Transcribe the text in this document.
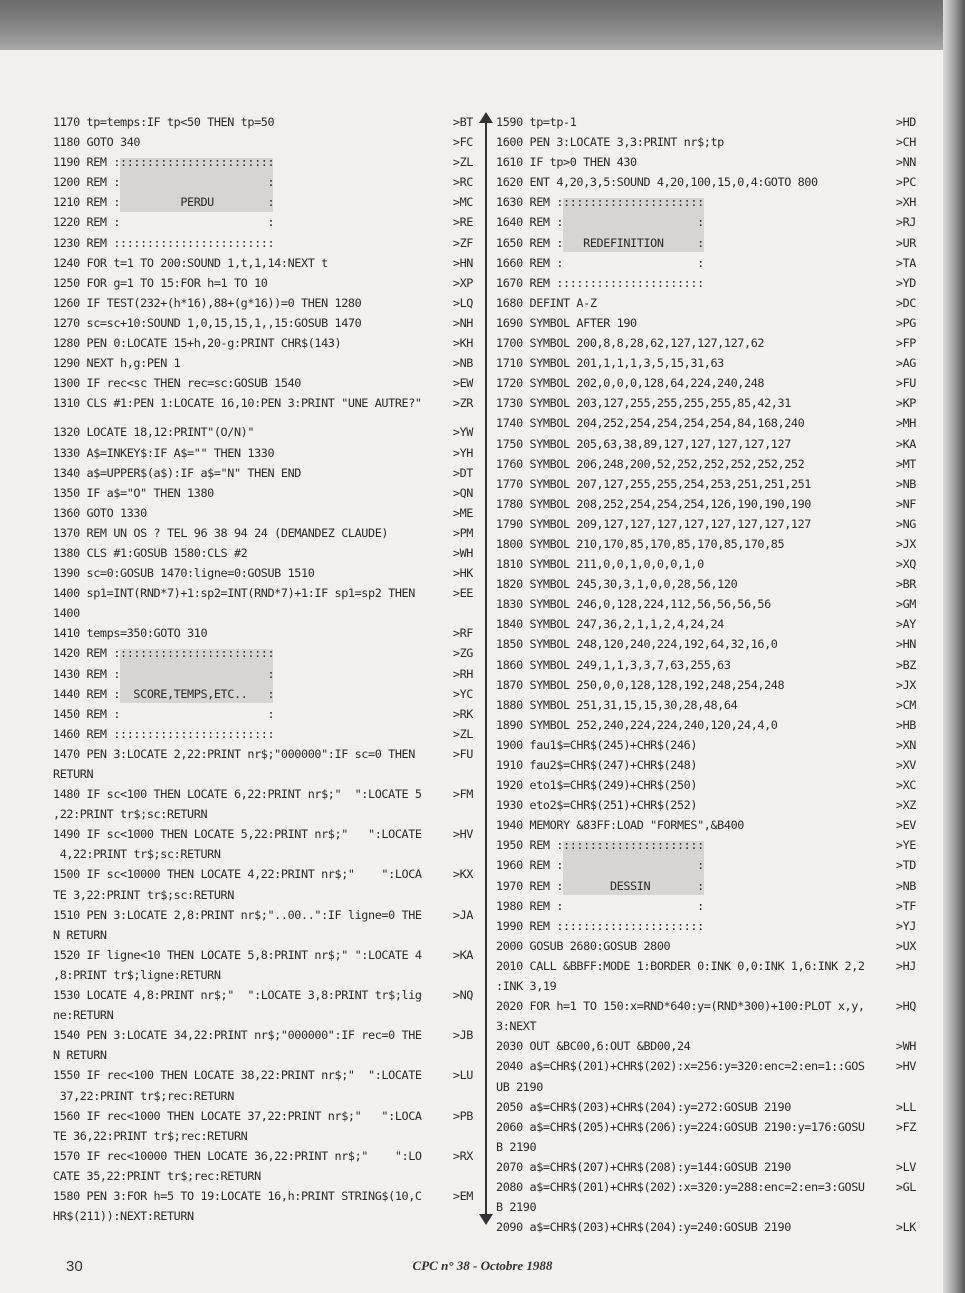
1170 tp=temps:IF tp<50 THEN tp=50	>BT
1180 GOTO 340	>FC
1190 REM ::::::::::::::::::::::::	>ZL
1200 REM :                      :	>RC
1210 REM :         PERDU        :	>MC
1220 REM :                      :	>RE
1230 REM ::::::::::::::::::::::::	>ZF
1240 FOR t=1 TO 200:SOUND 1,t,1,14:NEXT t	>HN
1250 FOR g=1 TO 15:FOR h=1 TO 10	>XP
1260 IF TEST(232+(h*16),88+(g*16))=0 THEN 1280	>LQ
1270 sc=sc+10:SOUND 1,0,15,15,1,,15:GOSUB 1470	>NH
1280 PEN 0:LOCATE 15+h,20-g:PRINT CHR$(143)	>KH
1290 NEXT h,g:PEN 1	>NB
1300 IF rec<sc THEN rec=sc:GOSUB 1540	>EW
1310 CLS #1:PEN 1:LOCATE 16,10:PEN 3:PRINT "UNE AUTRE?"	>ZR
1320 LOCATE 18,12:PRINT"(O/N)"	>YW
1330 A$=INKEY$:IF A$="" THEN 1330	>YH
1340 a$=UPPER$(a$):IF a$="N" THEN END	>DT
1350 IF a$="O" THEN 1380	>QN
1360 GOTO 1330	>ME
1370 REM UN OS ? TEL 96 38 94 24 (DEMANDEZ CLAUDE)	>PM
1380 CLS #1:GOSUB 1580:CLS #2	>WH
1390 sc=0:GOSUB 1470:ligne=0:GOSUB 1510	>HK
1400 sp1=INT(RND*7)+1:sp2=INT(RND*7)+1:IF sp1=sp2 THEN	>EE
1400
1410 temps=350:GOTO 310	>RF
1420 REM ::::::::::::::::::::::::	>ZG
1430 REM :                      :	>RH
1440 REM :  SCORE,TEMPS,ETC..   :	>YC
1450 REM :                      :	>RK
1460 REM ::::::::::::::::::::::::	>ZL
1470 PEN 3:LOCATE 2,22:PRINT nr$;"000000":IF sc=0 THEN	>FU
RETURN
1480 IF sc<100 THEN LOCATE 6,22:PRINT nr$;"  ":LOCATE 5	>FM
,22:PRINT tr$;sc:RETURN
1490 IF sc<1000 THEN LOCATE 5,22:PRINT nr$;"   ":LOCATE	>HV
4,22:PRINT tr$;sc:RETURN
1500 IF sc<10000 THEN LOCATE 4,22:PRINT nr$;"    ":LOCA	>KX
TE 3,22:PRINT tr$;sc:RETURN
1510 PEN 3:LOCATE 2,8:PRINT nr$;"..00..":IF ligne=0 THE	>JA
N RETURN
1520 IF ligne<10 THEN LOCATE 5,8:PRINT nr$;" ":LOCATE 4	>KA
,8:PRINT tr$;ligne:RETURN
1530 LOCATE 4,8:PRINT nr$;"  ":LOCATE 3,8:PRINT tr$;lig	>NQ
ne:RETURN
1540 PEN 3:LOCATE 34,22:PRINT nr$;"000000":IF rec=0 THE	>JB
N RETURN
1550 IF rec<100 THEN LOCATE 38,22:PRINT nr$;"  ":LOCATE	>LU
37,22:PRINT tr$;rec:RETURN
1560 IF rec<1000 THEN LOCATE 37,22:PRINT nr$;"   ":LOCA	>PB
TE 36,22:PRINT tr$;rec:RETURN
1570 IF rec<10000 THEN LOCATE 36,22:PRINT nr$;"    ":LO	>RX
CATE 35,22:PRINT tr$;rec:RETURN
1580 PEN 3:FOR h=5 TO 19:LOCATE 16,h:PRINT STRING$(10,C	>EM
HR$(211)):NEXT:RETURN
1590 tp=tp-1	>HD
1600 PEN 3:LOCATE 3,3:PRINT nr$;tp	>CH
1610 IF tp>0 THEN 430	>NN
1620 ENT 4,20,3,5:SOUND 4,20,100,15,0,4:GOTO 800	>PC
1630 REM ::::::::::::::::::::::	>XH
1640 REM :                    :	>RJ
1650 REM :   REDEFINITION     :	>UR
1660 REM :                    :	>TA
1670 REM ::::::::::::::::::::::	>YD
1680 DEFINT A-Z	>DC
1690 SYMBOL AFTER 190	>PG
1700 SYMBOL 200,8,8,28,62,127,127,127,62	>FP
1710 SYMBOL 201,1,1,1,3,5,15,31,63	>AG
1720 SYMBOL 202,0,0,0,128,64,224,240,248	>FU
1730 SYMBOL 203,127,255,255,255,255,85,42,31	>KP
1740 SYMBOL 204,252,254,254,254,254,84,168,240	>MH
1750 SYMBOL 205,63,38,89,127,127,127,127,127	>KA
1760 SYMBOL 206,248,200,52,252,252,252,252,252	>MT
1770 SYMBOL 207,127,255,255,254,253,251,251,251	>NB
1780 SYMBOL 208,252,254,254,254,126,190,190,190	>NF
1790 SYMBOL 209,127,127,127,127,127,127,127,127	>NG
1800 SYMBOL 210,170,85,170,85,170,85,170,85	>JX
1810 SYMBOL 211,0,0,1,0,0,0,1,0	>XQ
1820 SYMBOL 245,30,3,1,0,0,28,56,120	>BR
1830 SYMBOL 246,0,128,224,112,56,56,56,56	>GM
1840 SYMBOL 247,36,2,1,1,2,4,24,24	>AY
1850 SYMBOL 248,120,240,224,192,64,32,16,0	>HN
1860 SYMBOL 249,1,1,3,3,7,63,255,63	>BZ
1870 SYMBOL 250,0,0,128,128,192,248,254,248	>JX
1880 SYMBOL 251,31,15,15,30,28,48,64	>CM
1890 SYMBOL 252,240,224,224,240,120,24,4,0	>HB
1900 fau1$=CHR$(245)+CHR$(246)	>XN
1910 fau2$=CHR$(247)+CHR$(248)	>XV
1920 eto1$=CHR$(249)+CHR$(250)	>XC
1930 eto2$=CHR$(251)+CHR$(252)	>XZ
1940 MEMORY &83FF:LOAD "FORMES",&B400	>EV
1950 REM ::::::::::::::::::::::	>YE
1960 REM :                    :	>TD
1970 REM :       DESSIN       :	>NB
1980 REM :                    :	>TF
1990 REM ::::::::::::::::::::::	>YJ
2000 GOSUB 2680:GOSUB 2800	>UX
2010 CALL &BBFF:MODE 1:BORDER 0:INK 0,0:INK 1,6:INK 2,2	>HJ
:INK 3,19
2020 FOR h=1 TO 150:x=RND*640:y=(RND*300)+100:PLOT x,y,	>HQ
3:NEXT
2030 OUT &BC00,6:OUT &BD00,24	>WH
2040 a$=CHR$(201)+CHR$(202):x=256:y=320:enc=2:en=1::GOS	>HV
UB 2190
2050 a$=CHR$(203)+CHR$(204):y=272:GOSUB 2190	>LL
2060 a$=CHR$(205)+CHR$(206):y=224:GOSUB 2190:y=176:GOSU	>FZ
B 2190
2070 a$=CHR$(207)+CHR$(208):y=144:GOSUB 2190	>LV
2080 a$=CHR$(201)+CHR$(202):x=320:y=288:enc=2:en=3:GOSU	>GL
B 2190
2090 a$=CHR$(203)+CHR$(204):y=240:GOSUB 2190	>LK
30	CPC n° 38 - Octobre 1988
